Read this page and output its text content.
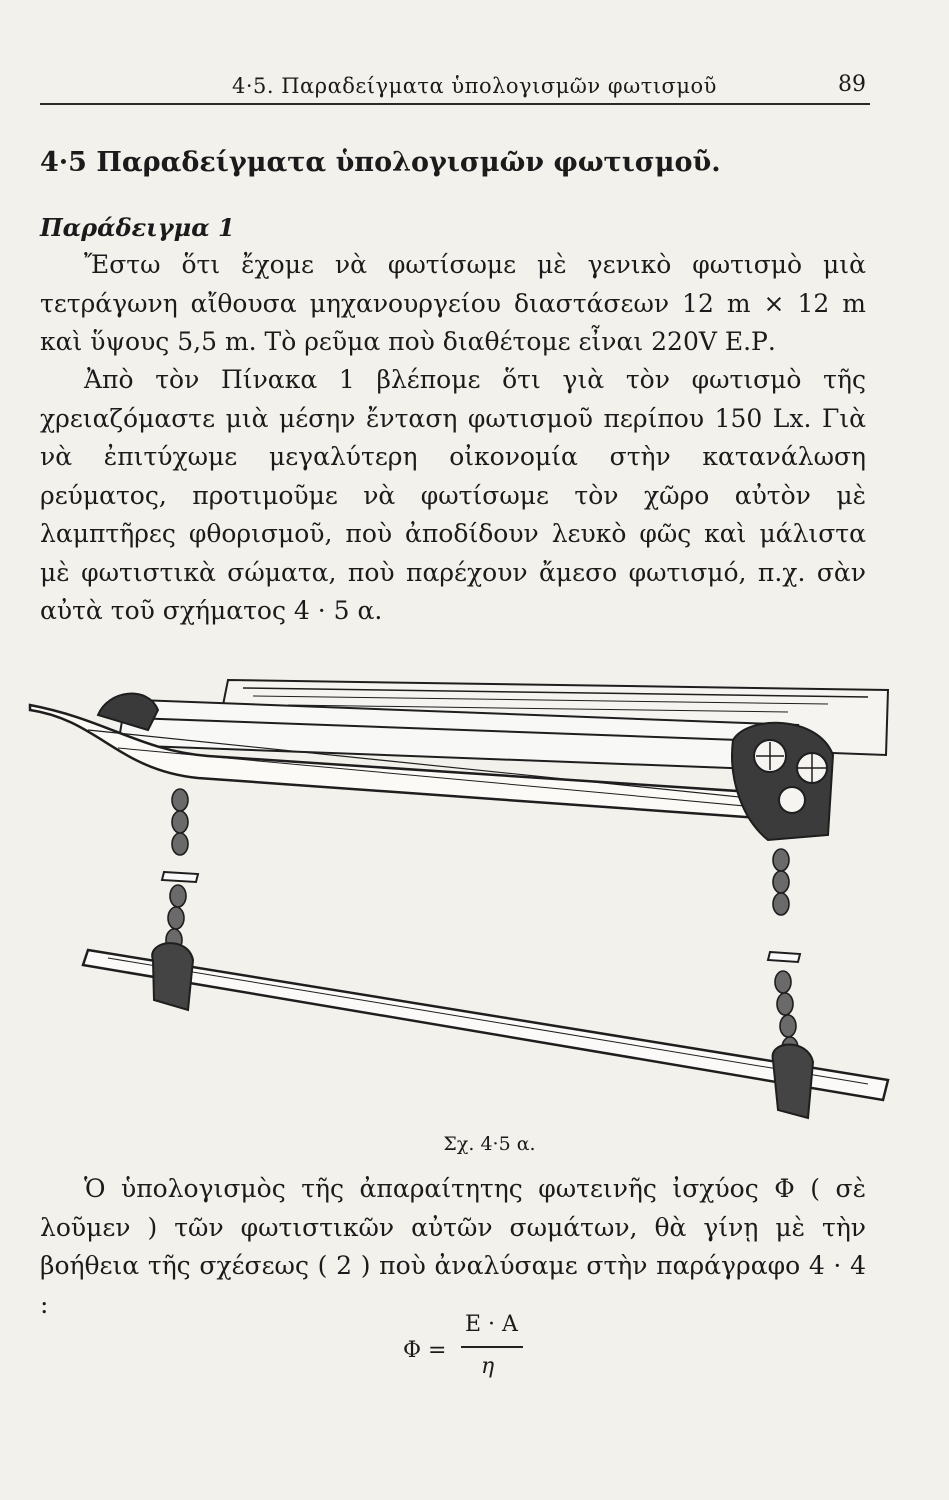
4·5. Παραδείγματα ὑπολογισμῶν φωτισμοῦ	89
4·5 Παραδείγματα ὑπολογισμῶν φωτισμοῦ.
Παράδειγμα 1

Ἔστω ὅτι ἔχομε νὰ φωτίσωμε μὲ γενικὸ φωτισμὸ μιὰ τετράγωνη αἴθουσα μηχανουργείου διαστάσεων 12 m × 12 m καὶ ὕψους 5,5 m. Τὸ ρεῦμα ποὺ διαθέτομε εἶναι 220V Ε.Ρ.

Ἀπὸ τὸν Πίνακα 1 βλέπομε ὅτι γιὰ τὸν φωτισμὸ τῆς χρειαζόμαστε μιὰ μέσην ἔνταση φωτισμοῦ περίπου 150 Lx. Γιὰ νὰ ἐπιτύχωμε μεγαλύτερη οἰκονομία στὴν κατανάλωση ρεύματος, προτιμοῦμε νὰ φωτίσωμε τὸν χῶρο αὐτὸν μὲ λαμπτῆρες φθορισμοῦ, ποὺ ἀποδίδουν λευκὸ φῶς καὶ μάλιστα μὲ φωτιστικὰ σώματα, ποὺ παρέχουν ἄμεσο φωτισμό, π.χ. σὰν αὐτὰ τοῦ σχήματος 4 · 5 α.

Σχ. 4·5 α.

Ὁ ὑπολογισμὸς τῆς ἀπαραίτητης φωτεινῆς ἰσχύος Φ ( σὲ λοῦμεν ) τῶν φωτιστικῶν αὐτῶν σωμάτων, θὰ γίνῃ μὲ τὴν βοήθεια τῆς σχέσεως ( 2 ) ποὺ ἀναλύσαμε στὴν παράγραφο 4 · 4 :

Φ =
E · A
η
